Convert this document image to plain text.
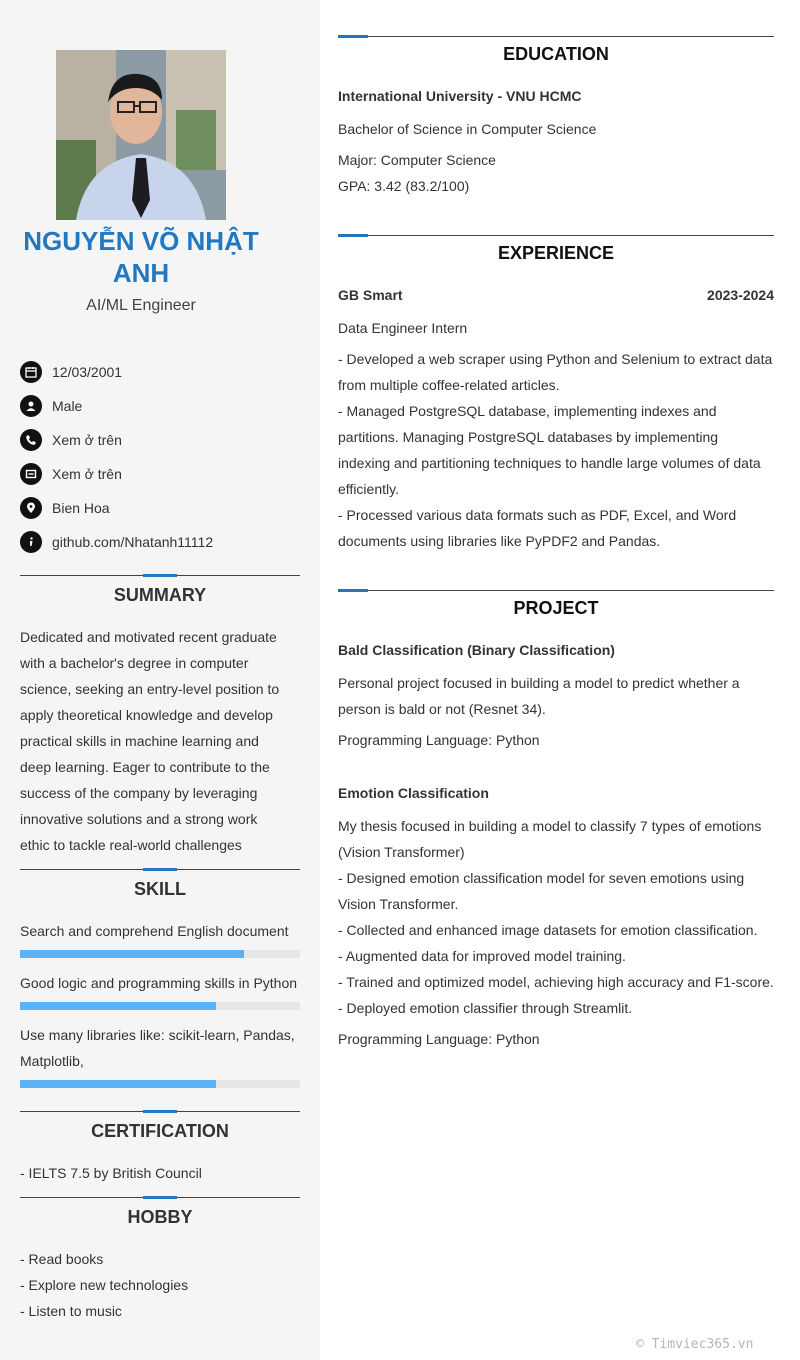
NGUYỄN VÕ NHẬT ANH
AI/ML Engineer
12/03/2001
Male
Xem ở trên
Xem ở trên
Bien Hoa
github.com/Nhatanh11112
SUMMARY
Dedicated and motivated recent graduate
with a bachelor's degree in computer
science, seeking an entry-level position to
apply theoretical knowledge and develop
practical skills in machine learning and
deep learning. Eager to contribute to the
success of the company by leveraging
innovative solutions and a strong work
ethic to tackle real-world challenges
SKILL
Search and comprehend English document
Good logic and programming skills in Python
Use many libraries like: scikit-learn, Pandas,
Matplotlib,
CERTIFICATION
- IELTS 7.5 by British Council
HOBBY
- Read books
- Explore new technologies
- Listen to music
EDUCATION
International University - VNU HCMC
Bachelor of Science in Computer Science
Major: Computer Science
GPA: 3.42 (83.2/100)
EXPERIENCE
GB Smart	2023-2024
Data Engineer Intern
- Developed a web scraper using Python and Selenium to extract data
from multiple coffee-related articles.
- Managed PostgreSQL database, implementing indexes and
partitions. Managing PostgreSQL databases by implementing
indexing and partitioning techniques to handle large volumes of data
efficiently.
- Processed various data formats such as PDF, Excel, and Word
documents using libraries like PyPDF2 and Pandas.
PROJECT
Bald Classification (Binary Classification)
Personal project focused in building a model to predict whether a
person is bald or not (Resnet 34).
Programming Language: Python
Emotion Classification
My thesis focused in building a model to classify 7 types of emotions
(Vision Transformer)
- Designed emotion classification model for seven emotions using
Vision Transformer.
- Collected and enhanced image datasets for emotion classification.
- Augmented data for improved model training.
- Trained and optimized model, achieving high accuracy and F1-score.
- Deployed emotion classifier through Streamlit.
Programming Language: Python
© Timviec365.vn
